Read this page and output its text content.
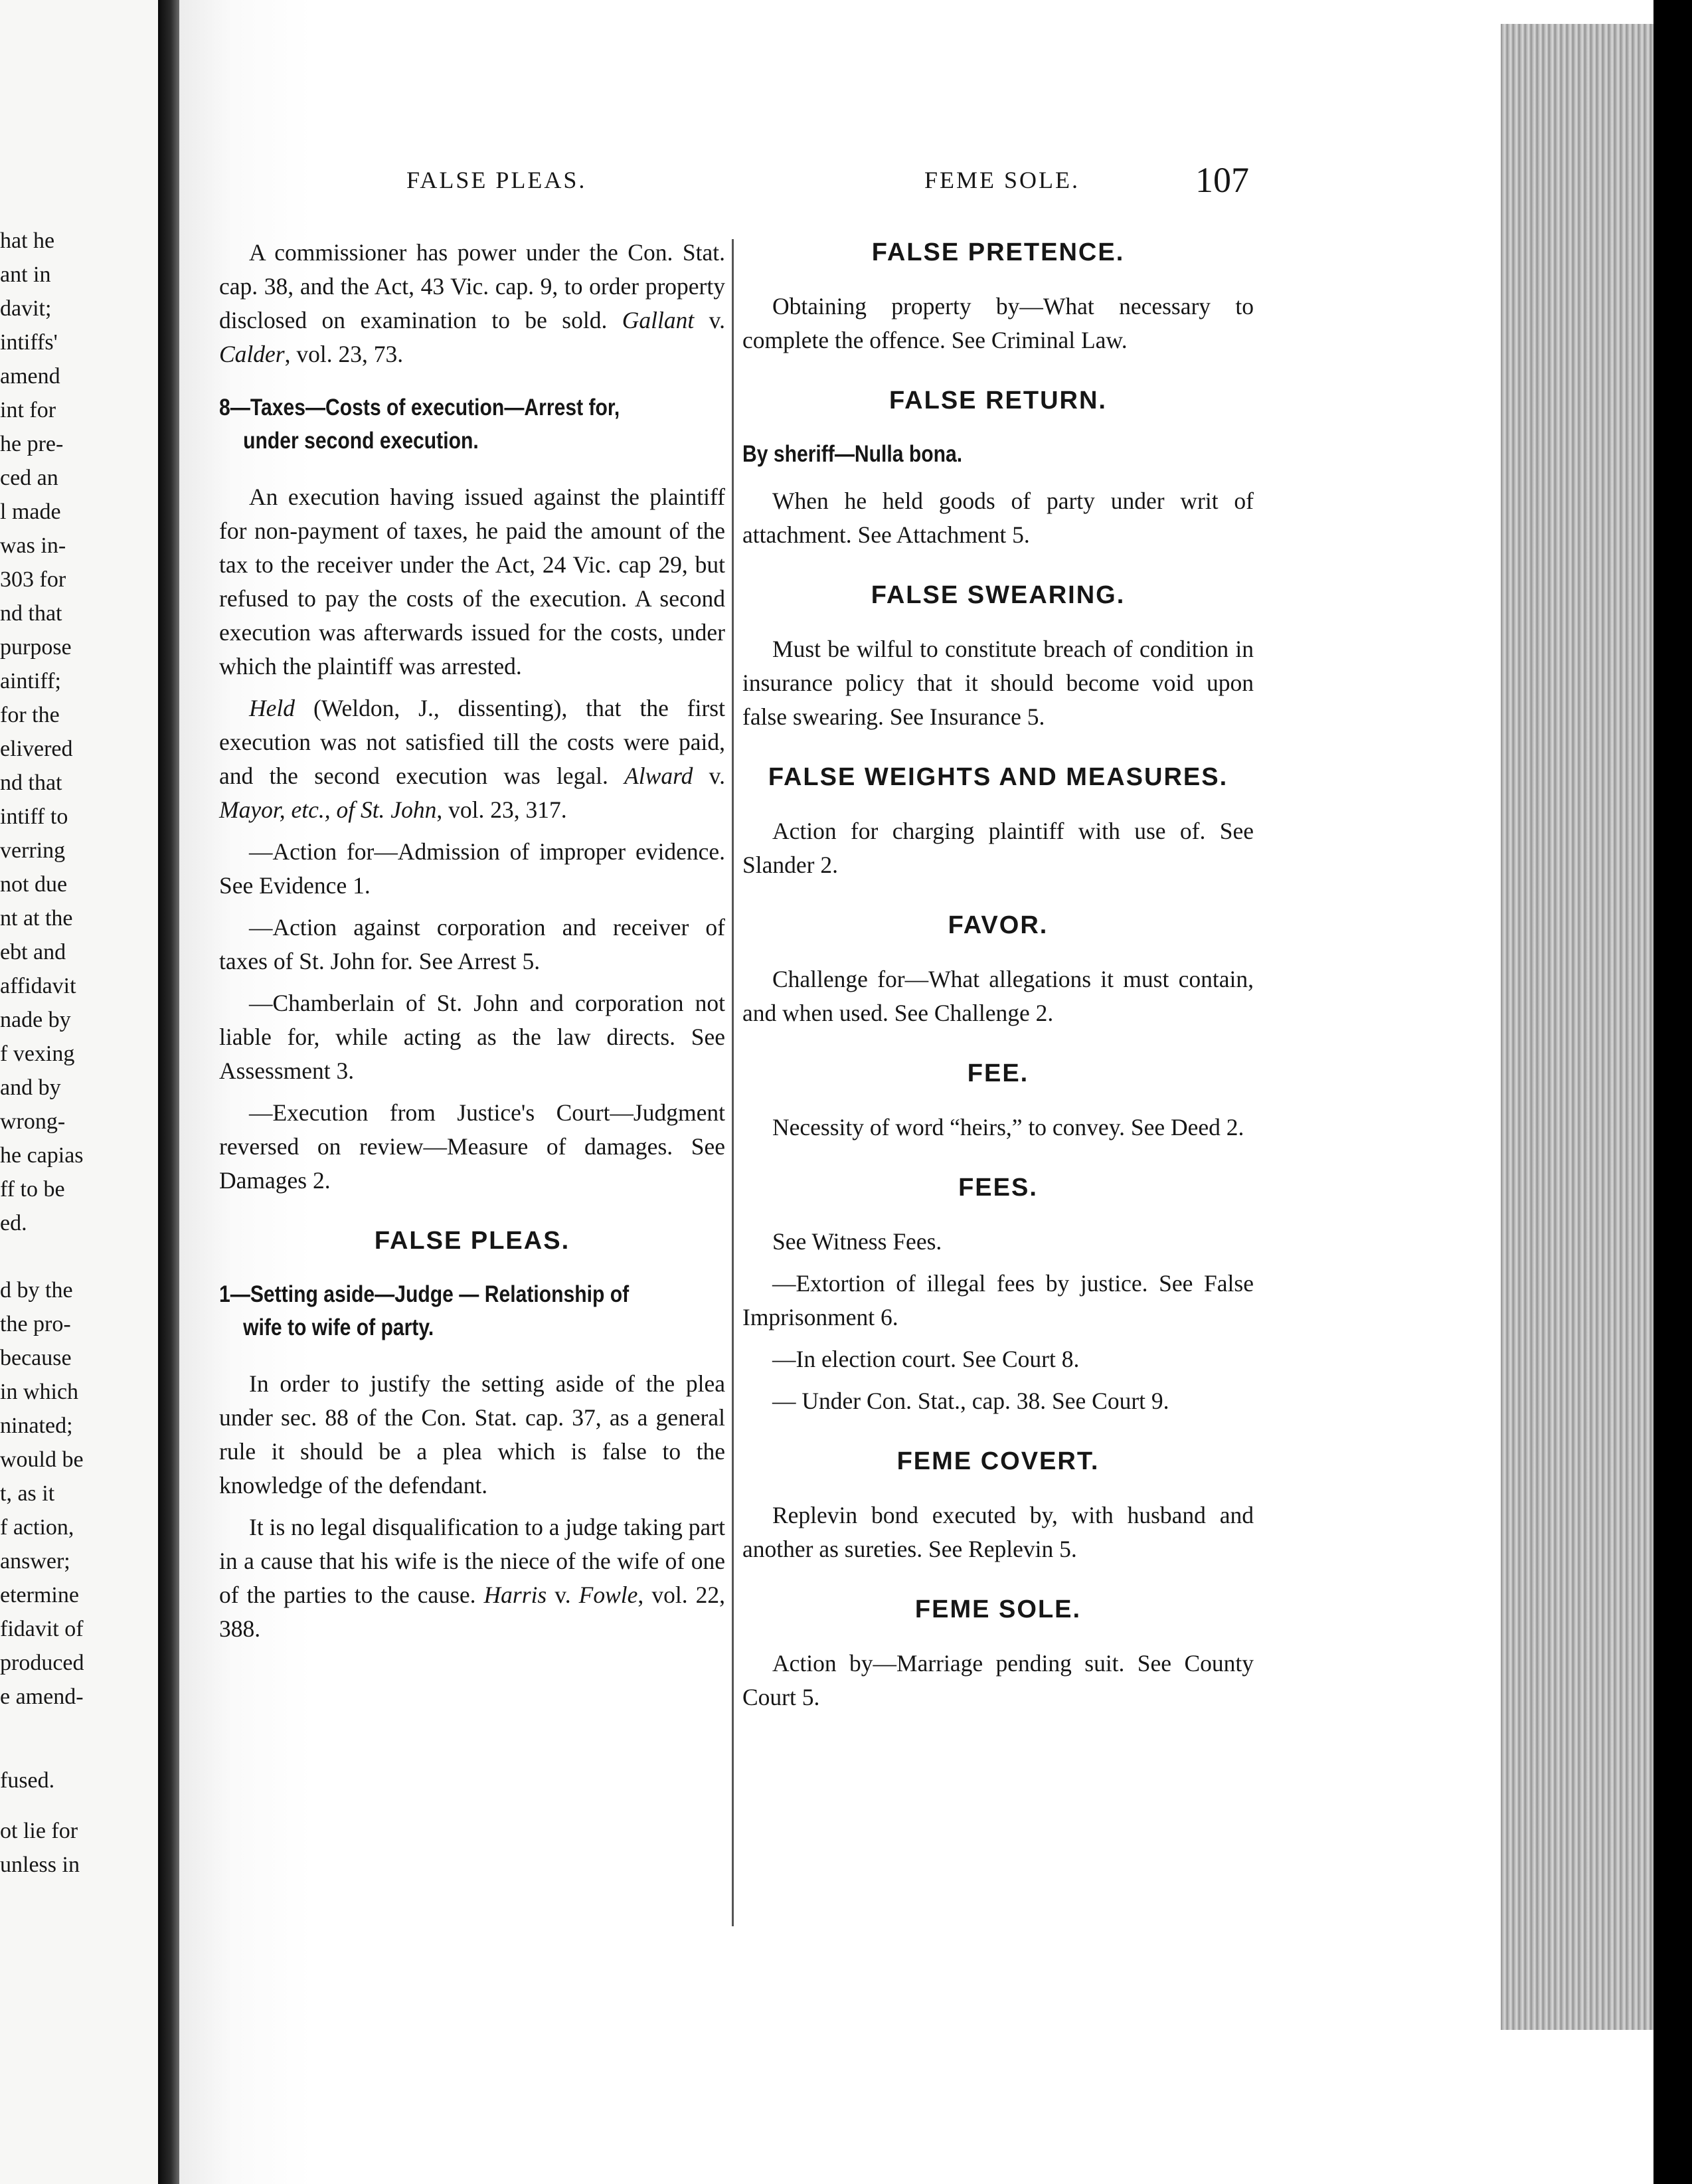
hat he
ant in
davit;
intiffs'
amend
int for
he pre-
ced an
l made
was in-
303 for
nd that
purpose
aintiff;
for the
elivered
nd that
intiff to
verring
not due
nt at the
ebt and
affidavit
nade by
f vexing
and by
wrong-
he capias
ff to be
ed.
d by the
the pro-
because
in which
ninated;
would be
t, as it
f action,
answer;
etermine
fidavit of
produced
e amend-
fused.
ot lie for
unless in
FALSE PLEAS.	FEME SOLE.	107

A commissioner has power under the Con. Stat. cap. 38, and the Act, 43 Vic. cap. 9, to order property disclosed on examination to be sold. Gallant v. Calder, vol. 23, 73.

8—Taxes—Costs of execution—Arrest for,
under second execution.

An execution having issued against the plaintiff for non-payment of taxes, he paid the amount of the tax to the receiver under the Act, 24 Vic. cap 29, but refused to pay the costs of the execution. A second execution was afterwards issued for the costs, under which the plaintiff was arrested.

Held (Weldon, J., dissenting), that the first execution was not satisfied till the costs were paid, and the second execution was legal. Alward v. Mayor, etc., of St. John, vol. 23, 317.

—Action for—Admission of improper evidence. See Evidence 1.

—Action against corporation and receiver of taxes of St. John for. See Arrest 5.

—Chamberlain of St. John and corporation not liable for, while acting as the law directs. See Assessment 3.

—Execution from Justice's Court—Judgment reversed on review—Measure of damages. See Damages 2.

FALSE PLEAS.
1—Setting aside—Judge — Relationship of
wife to wife of party.

In order to justify the setting aside of the plea under sec. 88 of the Con. Stat. cap. 37, as a general rule it should be a plea which is false to the knowledge of the defendant.

It is no legal disqualification to a judge taking part in a cause that his wife is the niece of the wife of one of the parties to the cause. Harris v. Fowle, vol. 22, 388.

FALSE PRETENCE.

Obtaining property by—What necessary to complete the offence. See Criminal Law.

FALSE RETURN.
By sheriff—Nulla bona.

When he held goods of party under writ of attachment. See Attachment 5.

FALSE SWEARING.

Must be wilful to constitute breach of condition in insurance policy that it should become void upon false swearing. See Insurance 5.

FALSE WEIGHTS AND MEASURES.

Action for charging plaintiff with use of. See Slander 2.

FAVOR.

Challenge for—What allegations it must contain, and when used. See Challenge 2.

FEE.

Necessity of word “heirs,” to convey. See Deed 2.

FEES.

See Witness Fees.

—Extortion of illegal fees by justice. See False Imprisonment 6.

—In election court. See Court 8.

— Under Con. Stat., cap. 38. See Court 9.

FEME COVERT.

Replevin bond executed by, with husband and another as sureties. See Replevin 5.

FEME SOLE.

Action by—Marriage pending suit. See County Court 5.
